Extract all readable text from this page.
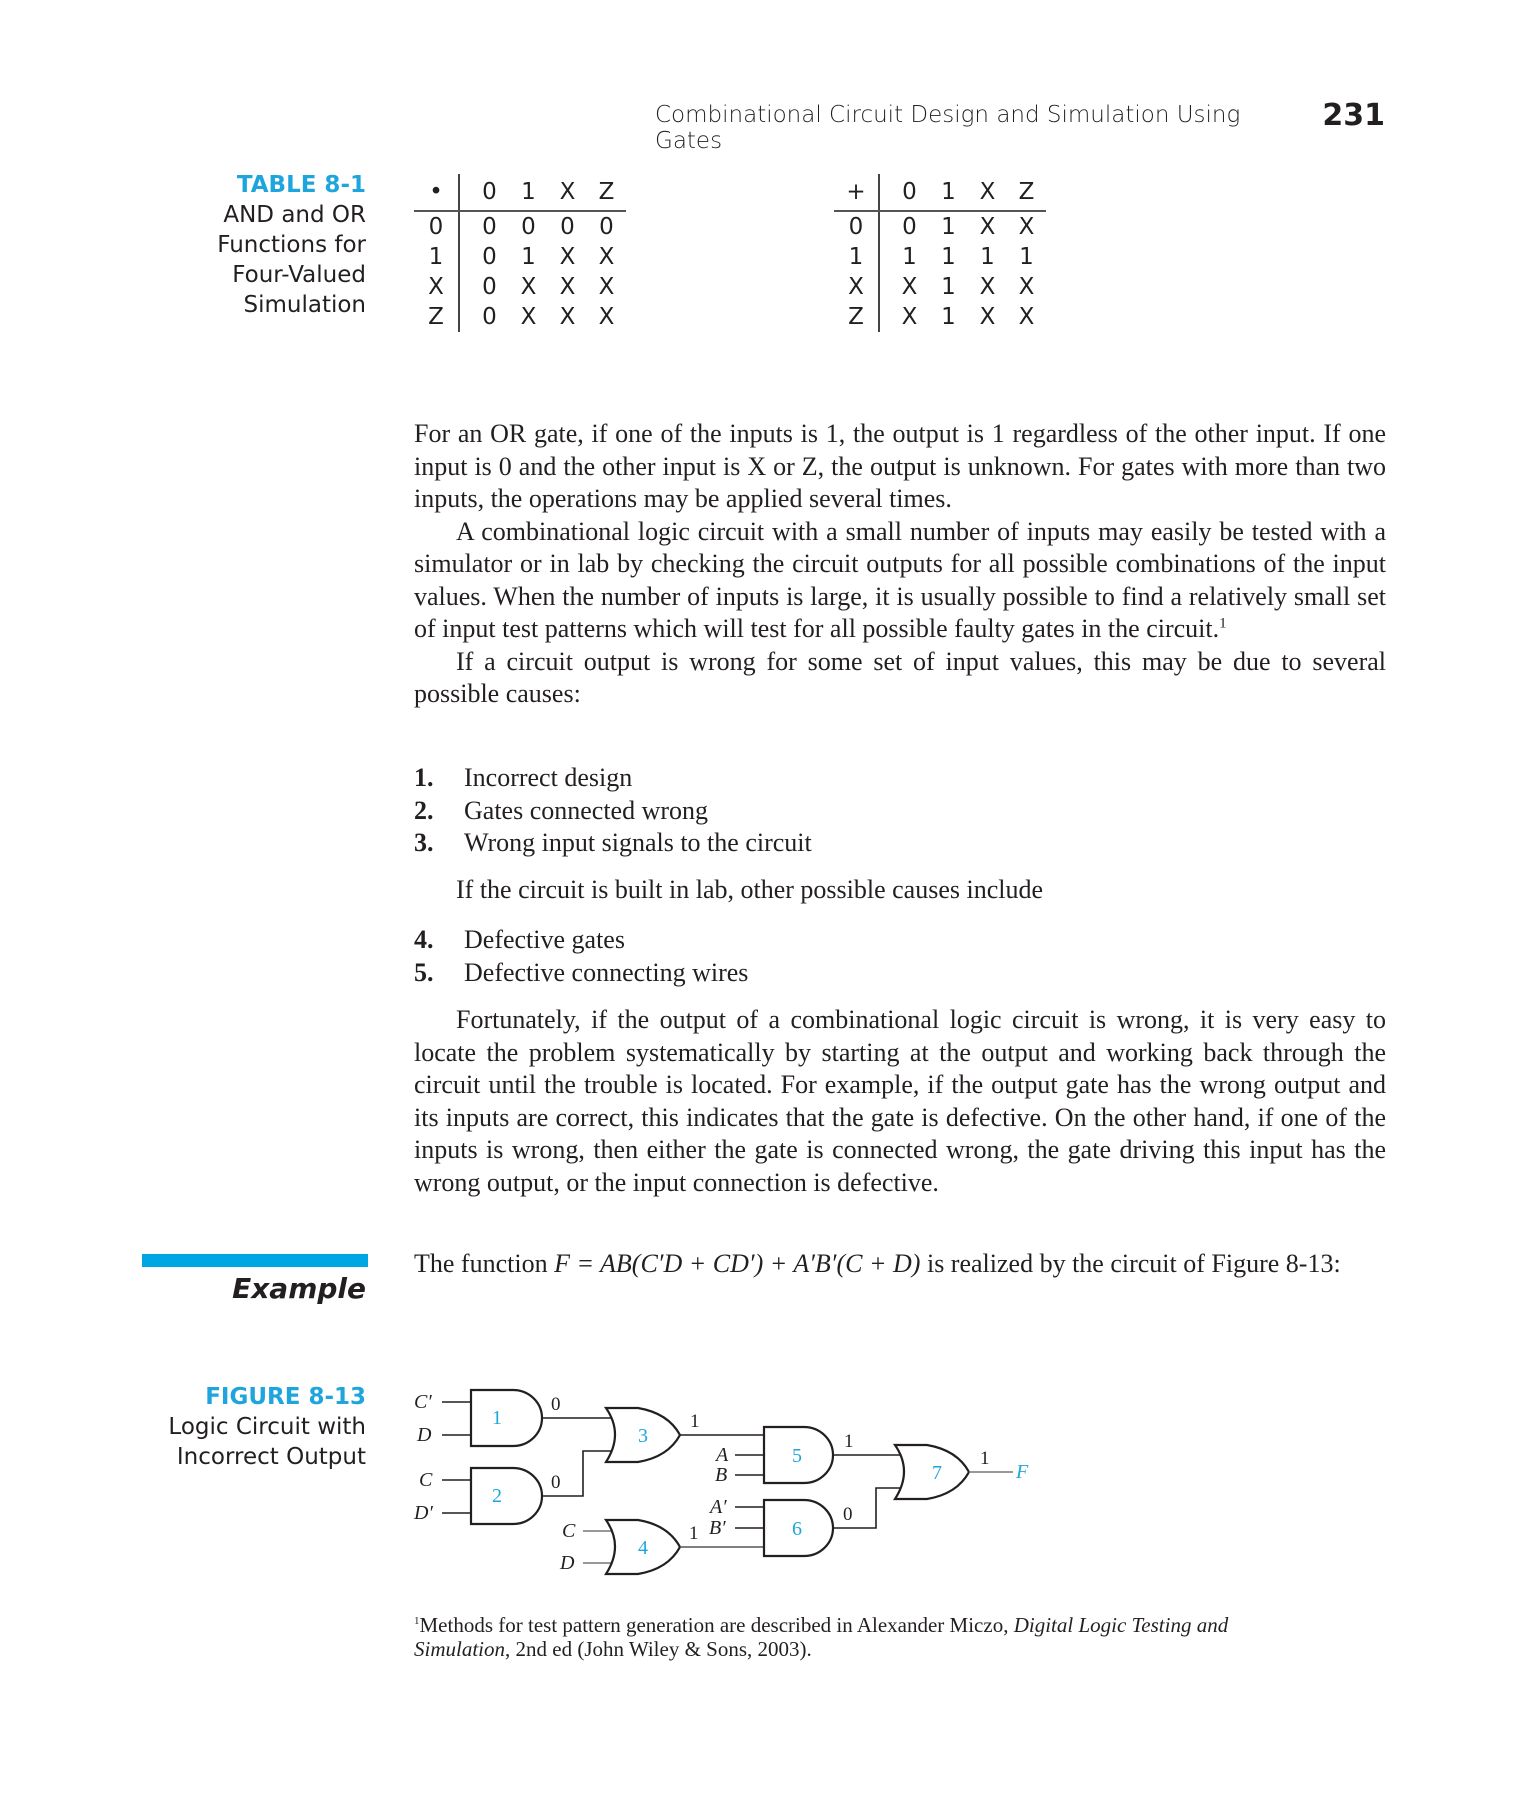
Combinational Circuit Design and Simulation Using Gates
231
TABLE 8-1
AND and OR
Functions for
Four-Valued
Simulation
•	0	1	X	Z
0	0	0	0	0
1	0	1	X	X
X	0	X	X	X
Z	0	X	X	X
+	0	1	X	Z
0	0	1	X	X
1	1	1	1	1
X	X	1	X	X
Z	X	1	X	X

For an OR gate, if one of the inputs is 1, the output is 1 regardless of the other input. If one input is 0 and the other input is X or Z, the output is unknown. For gates with more than two inputs, the operations may be applied several times.

A combinational logic circuit with a small number of inputs may easily be tested with a simulator or in lab by checking the circuit outputs for all possible combinations of the input values. When the number of inputs is large, it is usually possible to find a relatively small set of input test patterns which will test for all possible faulty gates in the circuit.$^1$

If a circuit output is wrong for some set of input values, this may be due to several possible causes:

1.	Incorrect design
2.	Gates connected wrong
3.	Wrong input signals to the circuit
If the circuit is built in lab, other possible causes include
4.	Defective gates
5.	Defective connecting wires
Fortunately, if the output of a combinational logic circuit is wrong, it is very easy to locate the problem systematically by starting at the output and working back through the circuit until the trouble is located. For example, if the output gate has the wrong output and its inputs are correct, this indicates that the gate is defective. On the other hand, if one of the inputs is wrong, then either the gate is connected wrong, the gate driving this input has the wrong output, or the input connection is defective.
Example
The function F = AB(C′D + CD′) + A′B′(C + D) is realized by the circuit of Figure 8-13:
FIGURE 8-13
Logic Circuit with
Incorrect Output
C′
D
C
D′
C
D
A
B
A′
B′
F
1
2
3
4
5
6
7
0
0
1
1
1
0
1
$^1$Methods for test pattern generation are described in Alexander Miczo, Digital Logic Testing and
Simulation, 2nd ed (John Wiley & Sons, 2003).
